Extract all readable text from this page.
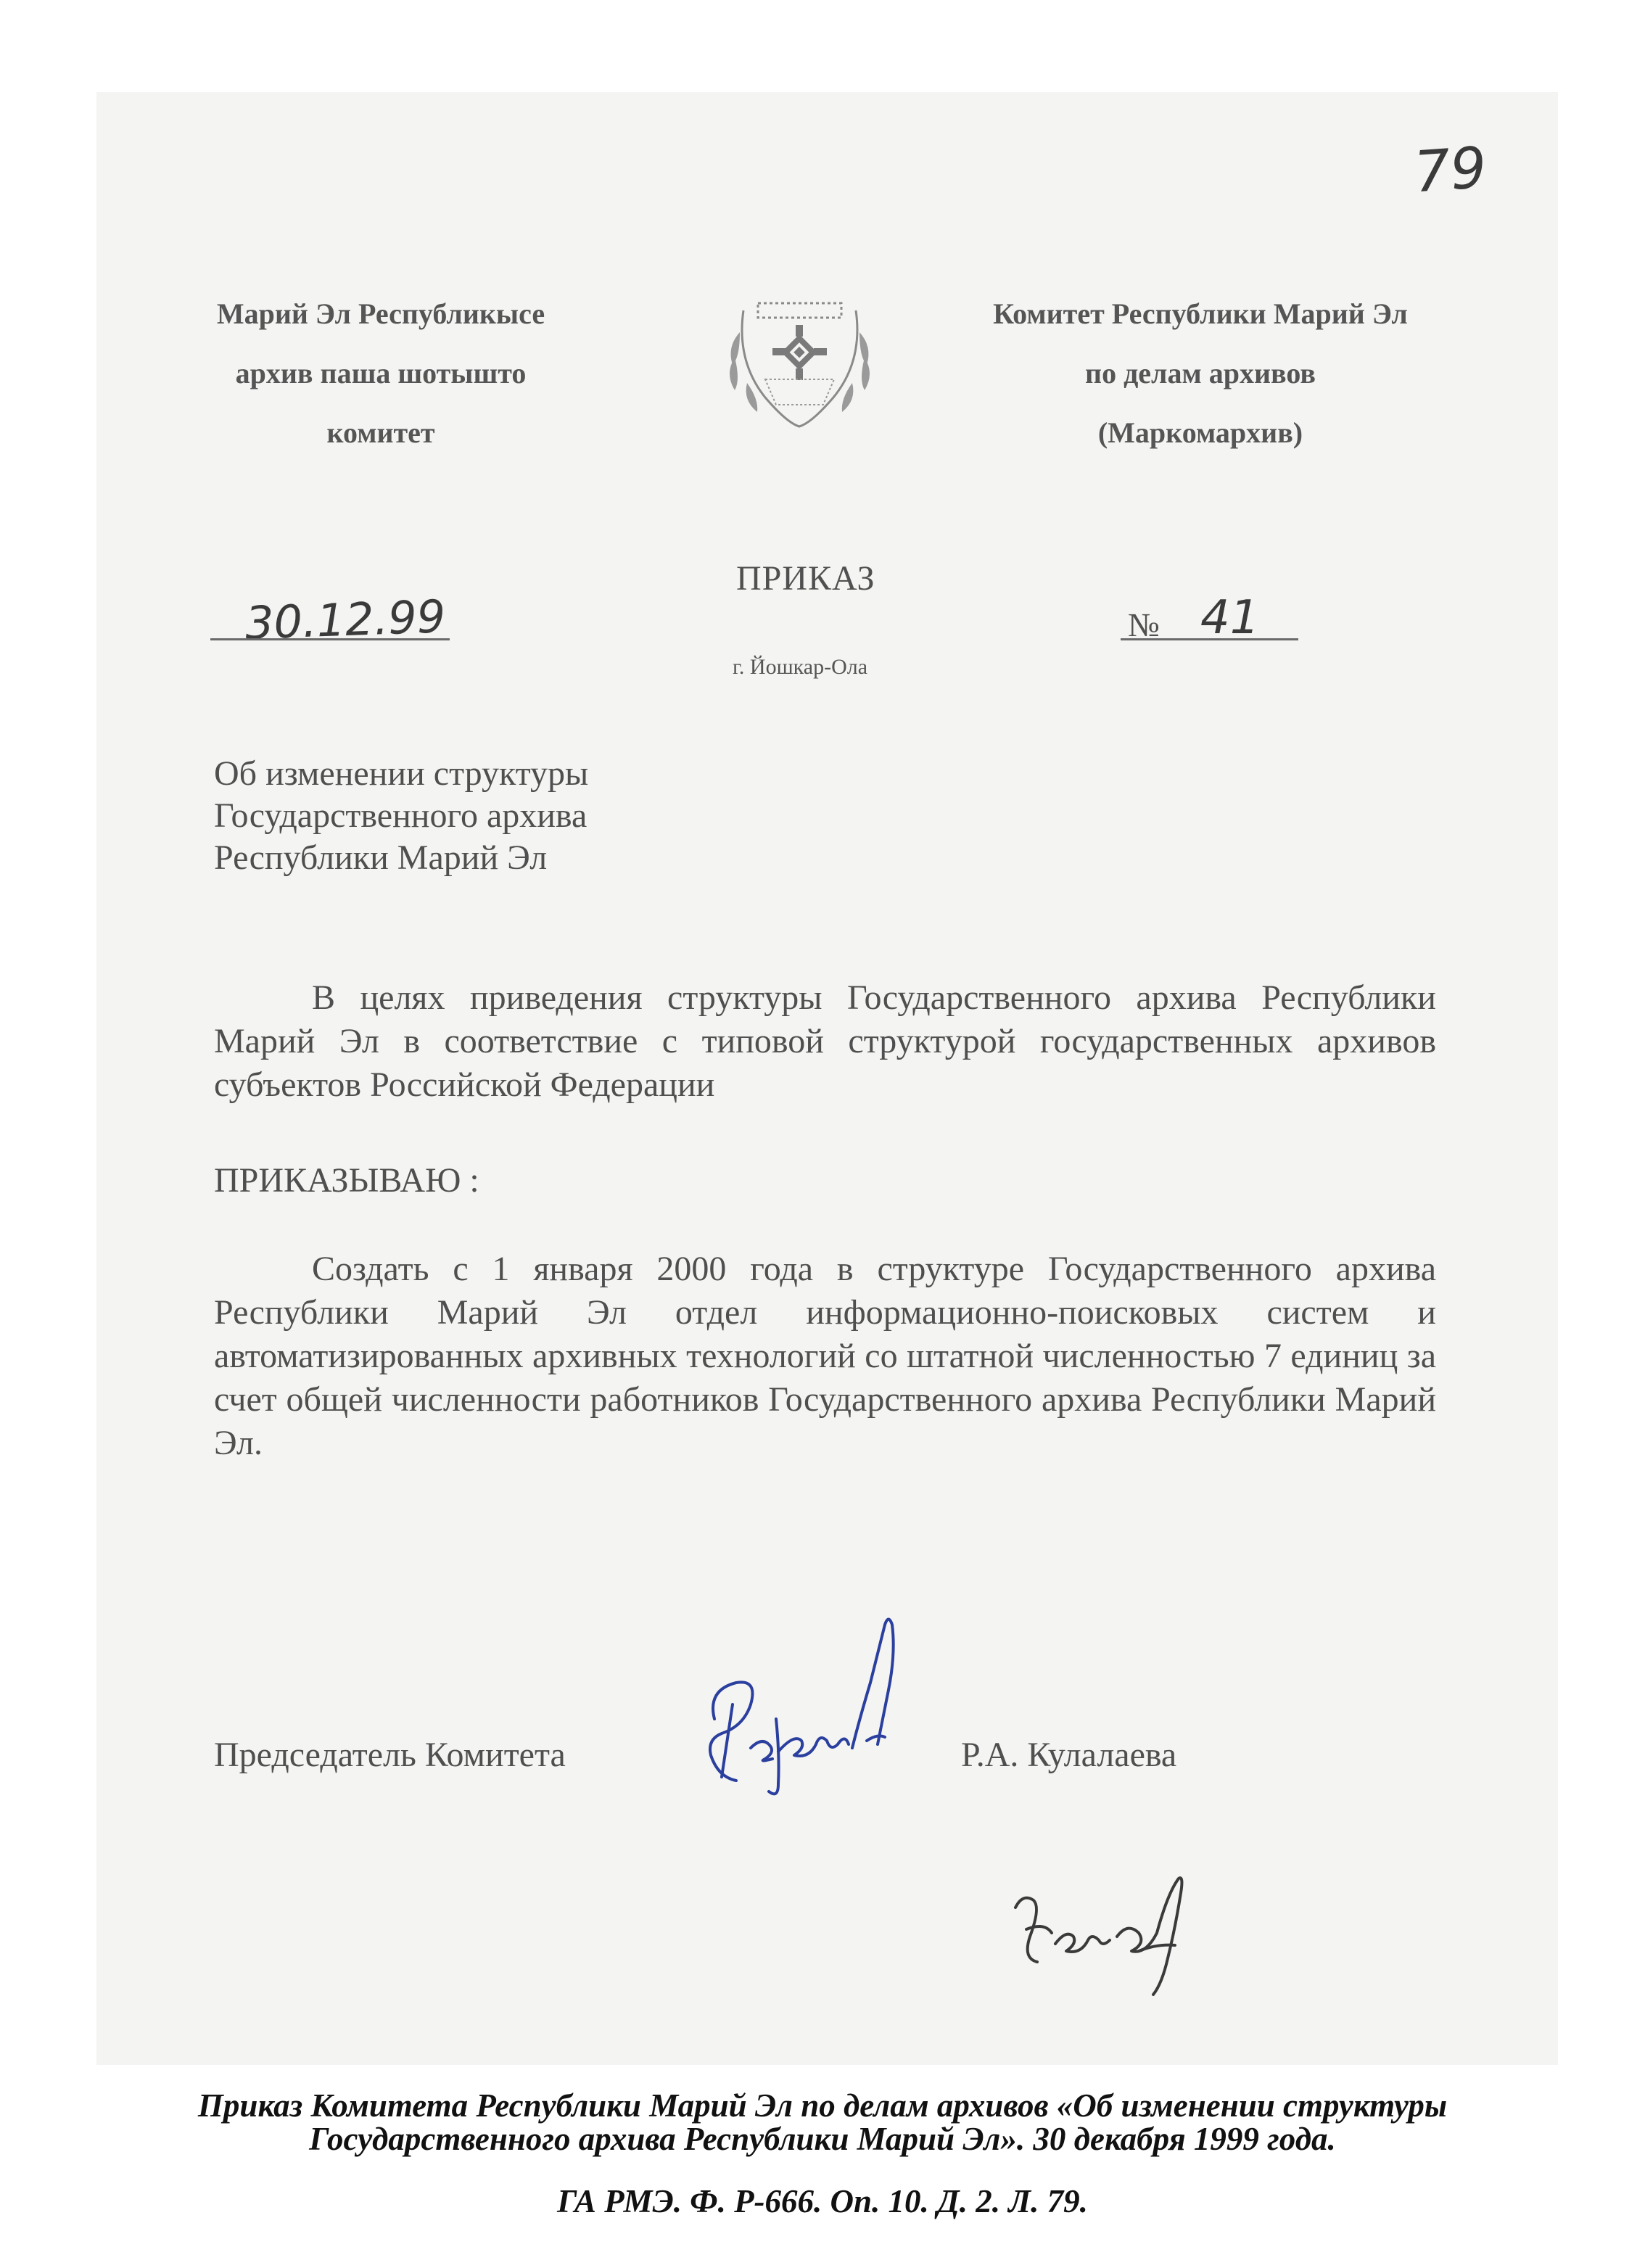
79
Марий Эл Республикысе
архив паша шотышто
комитет
Комитет Республики Марий Эл
по делам архивов
(Маркомархив)
ПРИКАЗ
30.12.99	№ 41
г. Йошкар-Ола
Об изменении структуры
Государственного архива
Республики Марий Эл
В целях приведения структуры Государственного архива Республики Марий Эл в соответствие с типовой структурой государственных архивов субъектов Российской Федерации
ПРИКАЗЫВАЮ :
Создать с 1 января 2000 года в структуре Государственного архива Республики Марий Эл отдел информационно-поисковых систем и автоматизированных архивных технологий со штатной численностью 7 единиц за счет общей численности работников Государственного архива Республики Марий Эл.
Председатель Комитета	Р.А. Кулалаева
Приказ Комитета Республики Марий Эл по делам архивов «Об изменении структуры
Государственного архива Республики Марий Эл». 30 декабря 1999 года.
ГА РМЭ. Ф. Р-666. Оп. 10. Д. 2. Л. 79.
